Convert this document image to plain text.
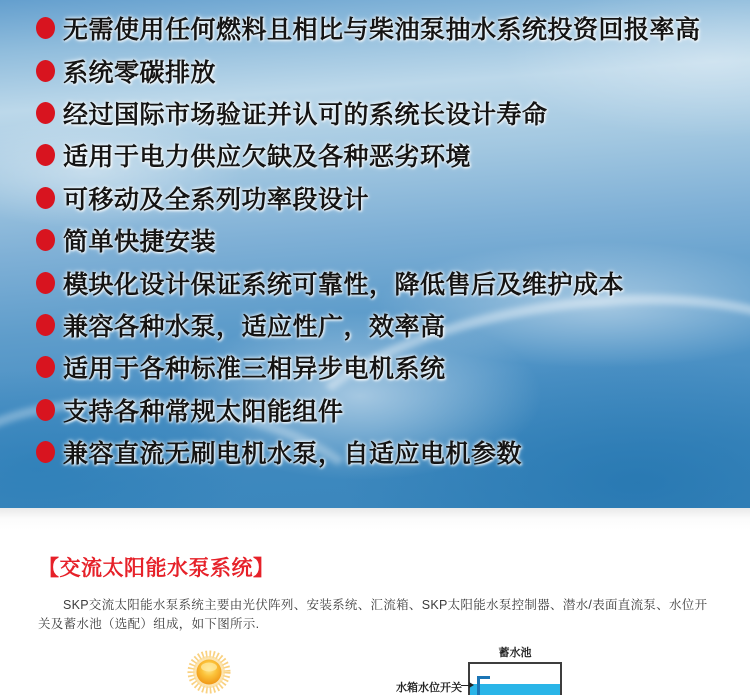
无需使用任何燃料且相比与柴油泵抽水系统投资回报率高
系统零碳排放
经过国际市场验证并认可的系统长设计寿命
适用于电力供应欠缺及各种恶劣环境
可移动及全系列功率段设计
简单快捷安装
模块化设计保证系统可靠性，降低售后及维护成本
兼容各种水泵，适应性广，效率高
适用于各种标准三相异步电机系统
支持各种常规太阳能组件
兼容直流无刷电机水泵，自适应电机参数
【交流太阳能水泵系统】

SKP交流太阳能水泵系统主要由光伏阵列、安装系统、汇流箱、SKP太阳能水泵控制器、潜水/表面直流泵、水位开关及蓄水池（选配）组成，如下图所示.

蓄水池
水箱水位开关
